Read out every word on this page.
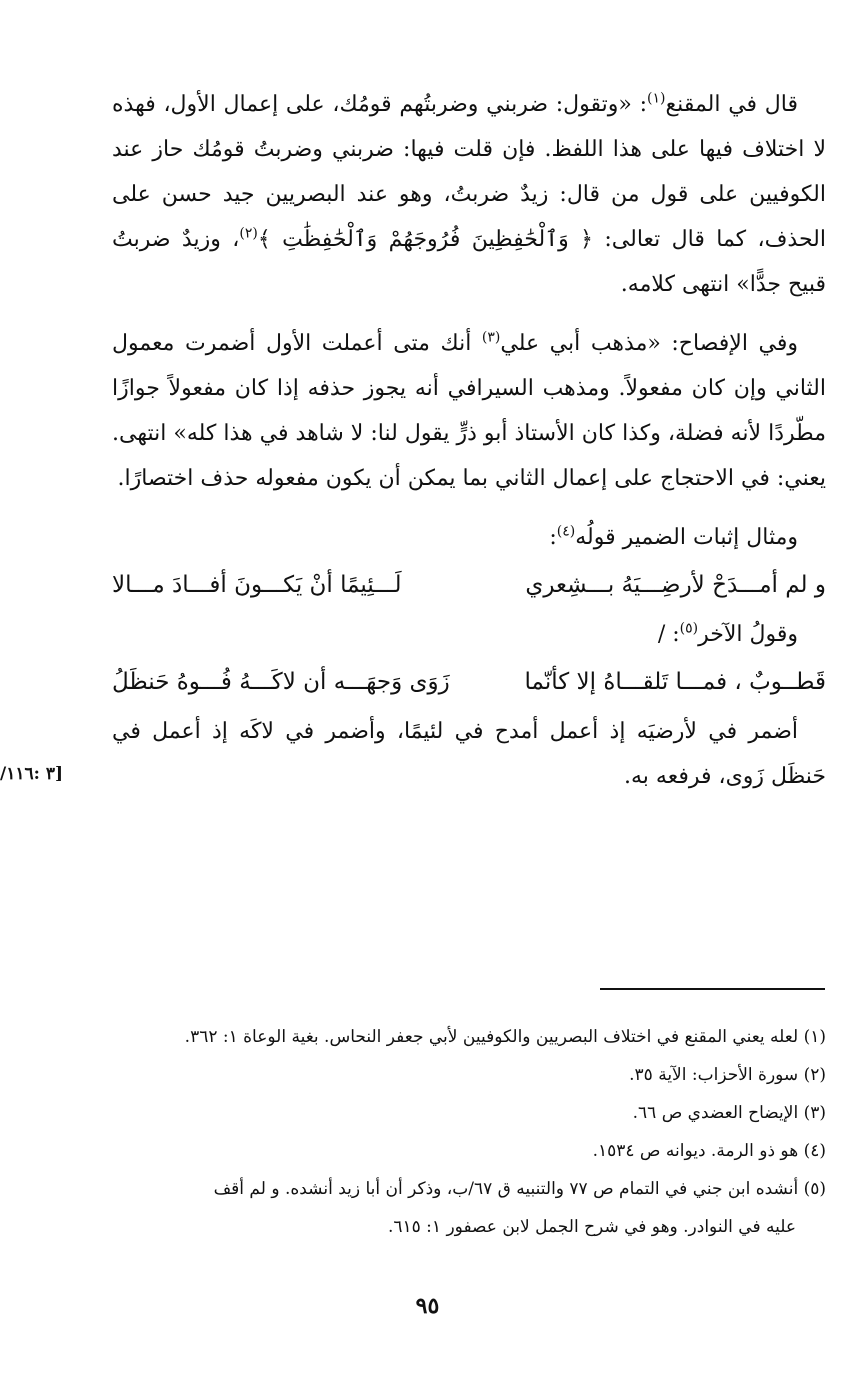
قال في المقنع$^{(١)}$: «وتقول: ضربني وضربتُهم قومُك، على إعمال الأول، فهذه لا اختلاف فيها على هذا اللفظ. فإن قلت فيها: ضربني وضربتُ قومُك حاز عند الكوفيين على قول من قال: زيدٌ ضربتُ، وهو عند البصريين جيد حسن على الحذف، كما قال تعالى: ﴿ وَٱلْحَٰفِظِينَ فُرُوجَهُمْ وَٱلْحَٰفِظَٰتِ ﴾$^{(٢)}$، وزيدٌ ضربتُ قبيح جدًّا» انتهى كلامه.

وفي الإفصاح: «مذهب أبي علي$^{(٣)}$ أنك متى أعملت الأول أضمرت معمول الثاني وإن كان مفعولاً. ومذهب السيرافي أنه يجوز حذفه إذا كان مفعولاً جوازًا مطّردًا لأنه فضلة، وكذا كان الأستاذ أبو ذرٍّ يقول لنا: لا شاهد في هذا كله» انتهى. يعني: في الاحتجاج على إعمال الثاني بما يمكن أن يكون مفعوله حذف اختصارًا.

ومثال إثبات الضمير قولُه$^{(٤)}$:

و لم أمـــدَحْ لأرضِـــيَهُ بـــشِعري
لَـــئِيمًا أنْ يَكـــونَ أفـــادَ مـــالا

وقولُ الآخر$^{(٥)}$: /

قَطــوبٌ ، فمـــا تَلقـــاهُ إلا كأنّما
زَوَى وَجهَـــه أن لاكَـــهُ فُـــوهُ حَنظَلُ

أضمر في لأرضيَه إذ أعمل أمدح في لئيمًا، وأضمر في لاكَه إذ أعمل في حَنظَل زَوى، فرفعه به.

[٣ :١١٦/

(١) لعله يعني المقنع في اختلاف البصريين والكوفيين لأبي جعفر النحاس. بغية الوعاة ١: ٣٦٢.

(٢) سورة الأحزاب: الآية ٣٥.

(٣) الإيضاح العضدي ص ٦٦.

(٤) هو ذو الرمة. ديوانه ص ١٥٣٤.

(٥) أنشده ابن جني في التمام ص ٧٧ والتنبيه ق ٦٧/ب، وذكر أن أبا زيد أنشده. و لم أقف

عليه في النوادر. وهو في شرح الجمل لابن عصفور ١: ٦١٥.

٩٥
